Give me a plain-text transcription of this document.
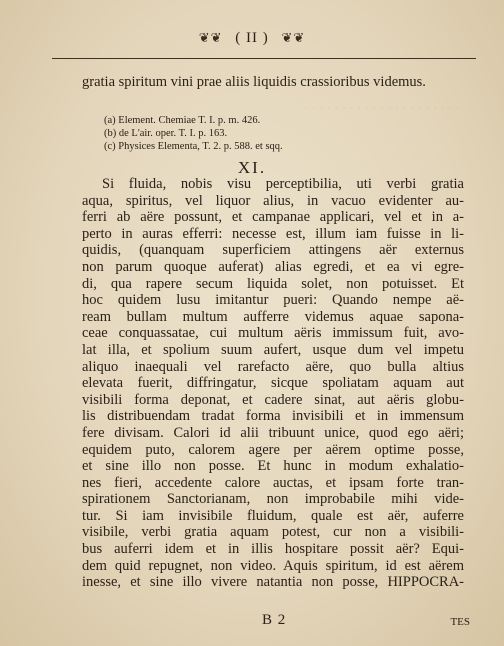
· · · · · · · · · · · · · · · · · · · · ·
❦❦ ( II ) ❦❦
gratia spiritum vini prae aliis liquidis crassioribus videmus.
(a) Element. Chemiae T. I. p. m. 426.
(b) de L'air. oper. T. I. p. 163.
(c) Physices Elementa, T. 2. p. 588. et sqq.
XI.
Si fluida, nobis visu perceptibilia, uti verbi gratia
aqua, spiritus, vel liquor alius, in vacuo evidenter au-
ferri ab aëre possunt, et campanae applicari, vel et in a-
perto in auras efferri: necesse est, illum iam fuisse in li-
quidis, (quanquam superficiem attingens aër externus
non parum quoque auferat) alias egredi, et ea vi egre-
di, qua rapere secum liquida solet, non potuisset. Et
hoc quidem lusu imitantur pueri: Quando nempe aë-
ream bullam multum aufferre videmus aquae sapona-
ceae conquassatae, cui multum aëris immissum fuit, avo-
lat illa, et spolium suum aufert, usque dum vel impetu
aliquo inaequali vel rarefacto aëre, quo bulla altius
elevata fuerit, diffringatur, sicque spoliatam aquam aut
visibili forma deponat, et cadere sinat, aut aëris globu-
lis distribuendam tradat forma invisibili et in immensum
fere divisam. Calori id alii tribuunt unice, quod ego aëri;
equidem puto, calorem agere per aërem optime posse,
et sine illo non posse. Et hunc in modum exhalatio-
nes fieri, accedente calore auctas, et ipsam forte tran-
spirationem Sanctorianam, non improbabile mihi vide-
tur. Si iam invisibile fluidum, quale est aër, auferre
visibile, verbi gratia aquam potest, cur non a visibili-
bus auferri idem et in illis hospitare possit aër? Equi-
dem quid repugnet, non video. Aquis spiritum, id est aërem
inesse, et sine illo vivere natantia non posse, HIPPOCRA-
B 2	TES
